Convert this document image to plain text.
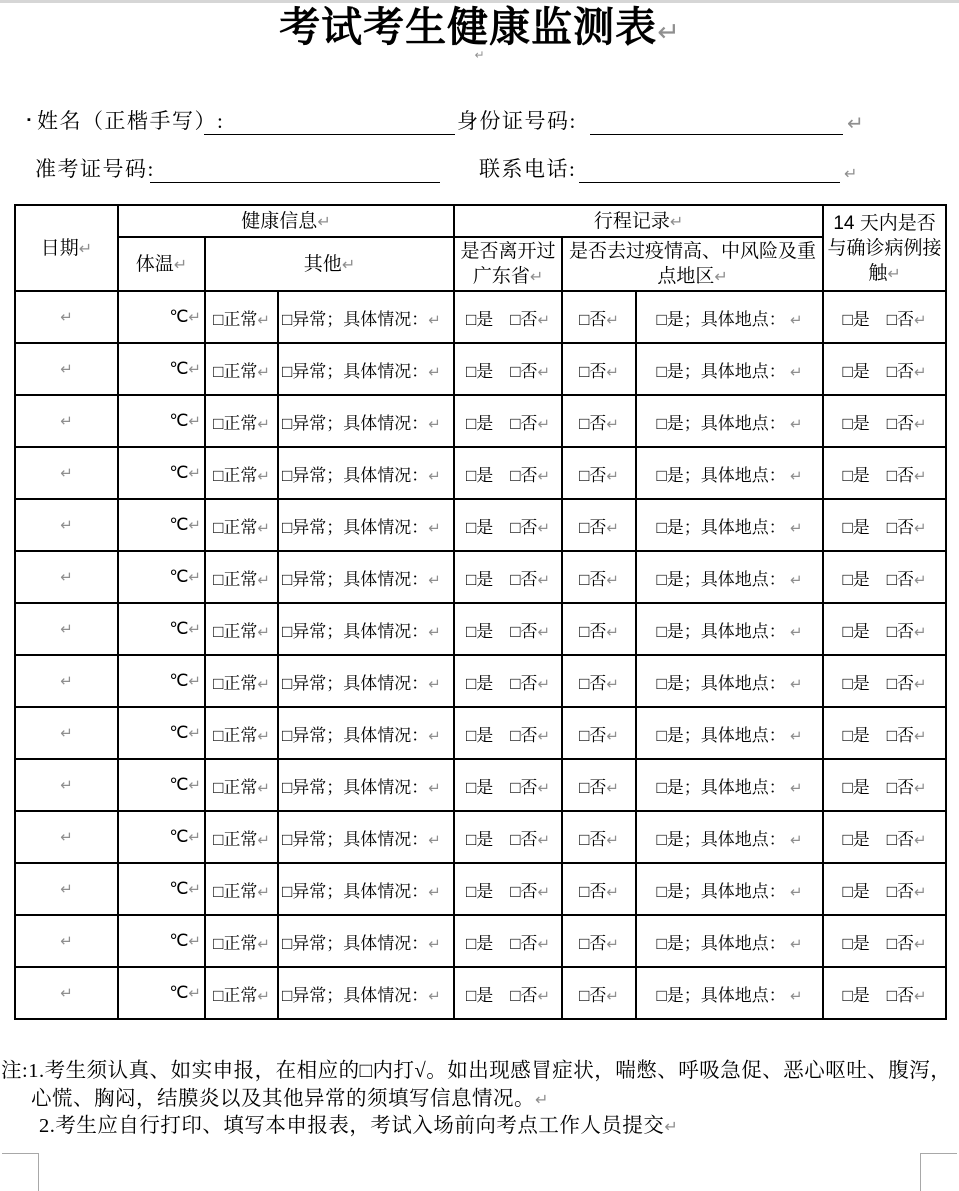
考试考生健康监测表↵
↵
▪ 姓名（正楷手写）:	身份证号码:	↵
准考证号码:	联系电话:	↵
日期↵	健康信息↵			行程记录↵			14 天内是否与确诊病例接触↵
	体温↵	其他↵		是否离开过广东省↵	是否去过疫情高、中风险及重点地区↵		
↵	℃↵	□正常↵	□异常；具体情况：↵	□是　□否↵	□否↵	□是；具体地点： ↵	□是　□否↵
↵	℃↵	□正常↵	□异常；具体情况：↵	□是　□否↵	□否↵	□是；具体地点： ↵	□是　□否↵
↵	℃↵	□正常↵	□异常；具体情况：↵	□是　□否↵	□否↵	□是；具体地点： ↵	□是　□否↵
↵	℃↵	□正常↵	□异常；具体情况：↵	□是　□否↵	□否↵	□是；具体地点： ↵	□是　□否↵
↵	℃↵	□正常↵	□异常；具体情况：↵	□是　□否↵	□否↵	□是；具体地点： ↵	□是　□否↵
↵	℃↵	□正常↵	□异常；具体情况：↵	□是　□否↵	□否↵	□是；具体地点： ↵	□是　□否↵
↵	℃↵	□正常↵	□异常；具体情况：↵	□是　□否↵	□否↵	□是；具体地点： ↵	□是　□否↵
↵	℃↵	□正常↵	□异常；具体情况：↵	□是　□否↵	□否↵	□是；具体地点： ↵	□是　□否↵
↵	℃↵	□正常↵	□异常；具体情况：↵	□是　□否↵	□否↵	□是；具体地点： ↵	□是　□否↵
↵	℃↵	□正常↵	□异常；具体情况：↵	□是　□否↵	□否↵	□是；具体地点： ↵	□是　□否↵
↵	℃↵	□正常↵	□异常；具体情况：↵	□是　□否↵	□否↵	□是；具体地点： ↵	□是　□否↵
↵	℃↵	□正常↵	□异常；具体情况：↵	□是　□否↵	□否↵	□是；具体地点： ↵	□是　□否↵
↵	℃↵	□正常↵	□异常；具体情况：↵	□是　□否↵	□否↵	□是；具体地点： ↵	□是　□否↵
↵	℃↵	□正常↵	□异常；具体情况：↵	□是　□否↵	□否↵	□是；具体地点： ↵	□是　□否↵

注:1.考生须认真、如实申报，在相应的□内打√。如出现感冒症状，喘憋、呼吸急促、恶心呕吐、腹泻，心慌、胸闷，结膜炎以及其他异常的须填写信息情况。↵

2.考生应自行打印、填写本申报表，考试入场前向考点工作人员提交↵
